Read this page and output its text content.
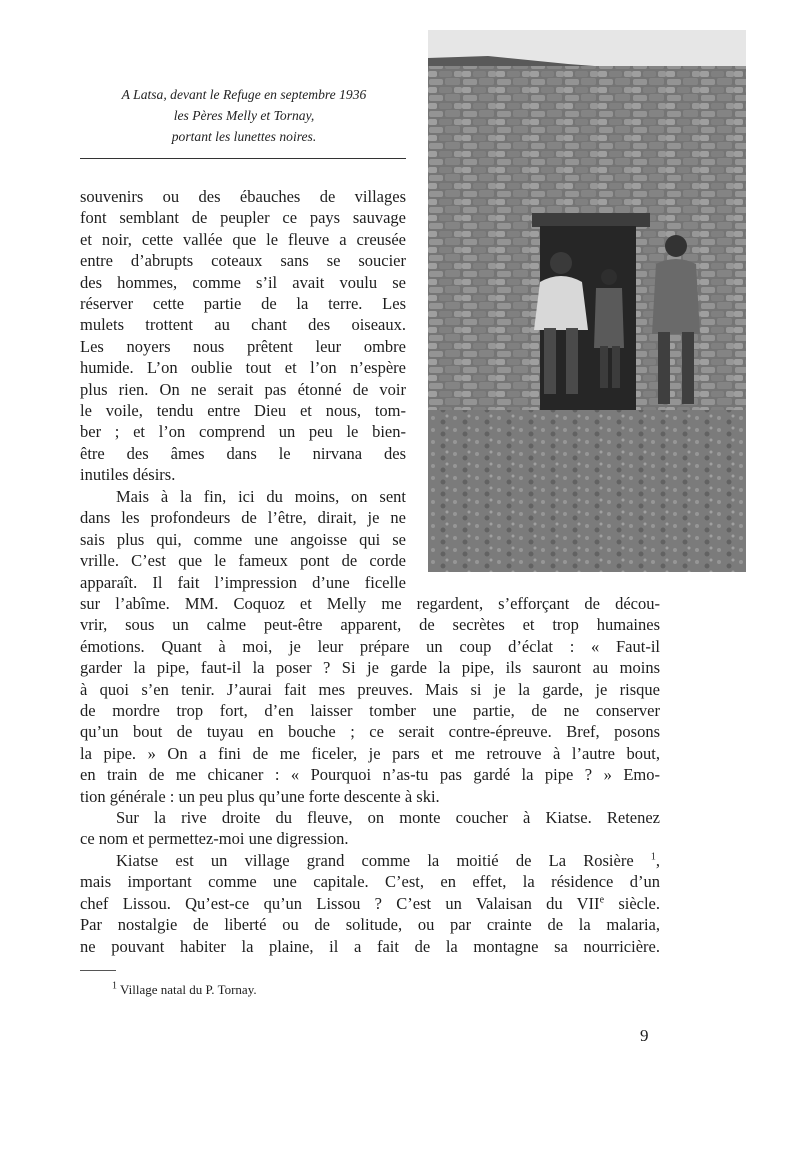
A Latsa, devant le Refuge en septembre 1936
les Pères Melly et Tornay,
portant les lunettes noires.
souvenirs ou des ébauches de villages
font semblant de peupler ce pays sauvage
et noir, cette vallée que le fleuve a creusée
entre d’abrupts coteaux sans se soucier
des hommes, comme s’il avait voulu se
réserver cette partie de la terre. Les
mulets trottent au chant des oiseaux.
Les noyers nous prêtent leur ombre
humide. L’on oublie tout et l’on n’espère
plus rien. On ne serait pas étonné de voir
le voile, tendu entre Dieu et nous, tom-
ber ; et l’on comprend un peu le bien-
être des âmes dans le nirvana des
inutiles désirs.
Mais à la fin, ici du moins, on sent
dans les profondeurs de l’être, dirait, je ne
sais plus qui, comme une angoisse qui se
vrille. C’est que le fameux pont de corde
apparaît. Il fait l’impression d’une ficelle
sur l’abîme. MM. Coquoz et Melly me regardent, s’efforçant de décou-
vrir, sous un calme peut-être apparent, de secrètes et trop humaines
émotions. Quant à moi, je leur prépare un coup d’éclat : « Faut-il
garder la pipe, faut-il la poser ? Si je garde la pipe, ils sauront au moins
à quoi s’en tenir. J’aurai fait mes preuves. Mais si je la garde, je risque
de mordre trop fort, d’en laisser tomber une partie, de ne conserver
qu’un bout de tuyau en bouche ; ce serait contre-épreuve. Bref, posons
la pipe. » On a fini de me ficeler, je pars et me retrouve à l’autre bout,
en train de me chicaner : « Pourquoi n’as-tu pas gardé la pipe ? » Emo-
tion générale : un peu plus qu’une forte descente à ski.
Sur la rive droite du fleuve, on monte coucher à Kiatse. Retenez
ce nom et permettez-moi une digression.
Kiatse est un village grand comme la moitié de La Rosière $^1$,
mais important comme une capitale. C’est, en effet, la résidence d’un
chef Lissou. Qu’est-ce qu’un Lissou ? C’est un Valaisan du VIIe siècle.
Par nostalgie de liberté ou de solitude, ou par crainte de la malaria,
ne pouvant habiter la plaine, il a fait de la montagne sa nourricière.
$^1$ Village natal du P. Tornay.
9
